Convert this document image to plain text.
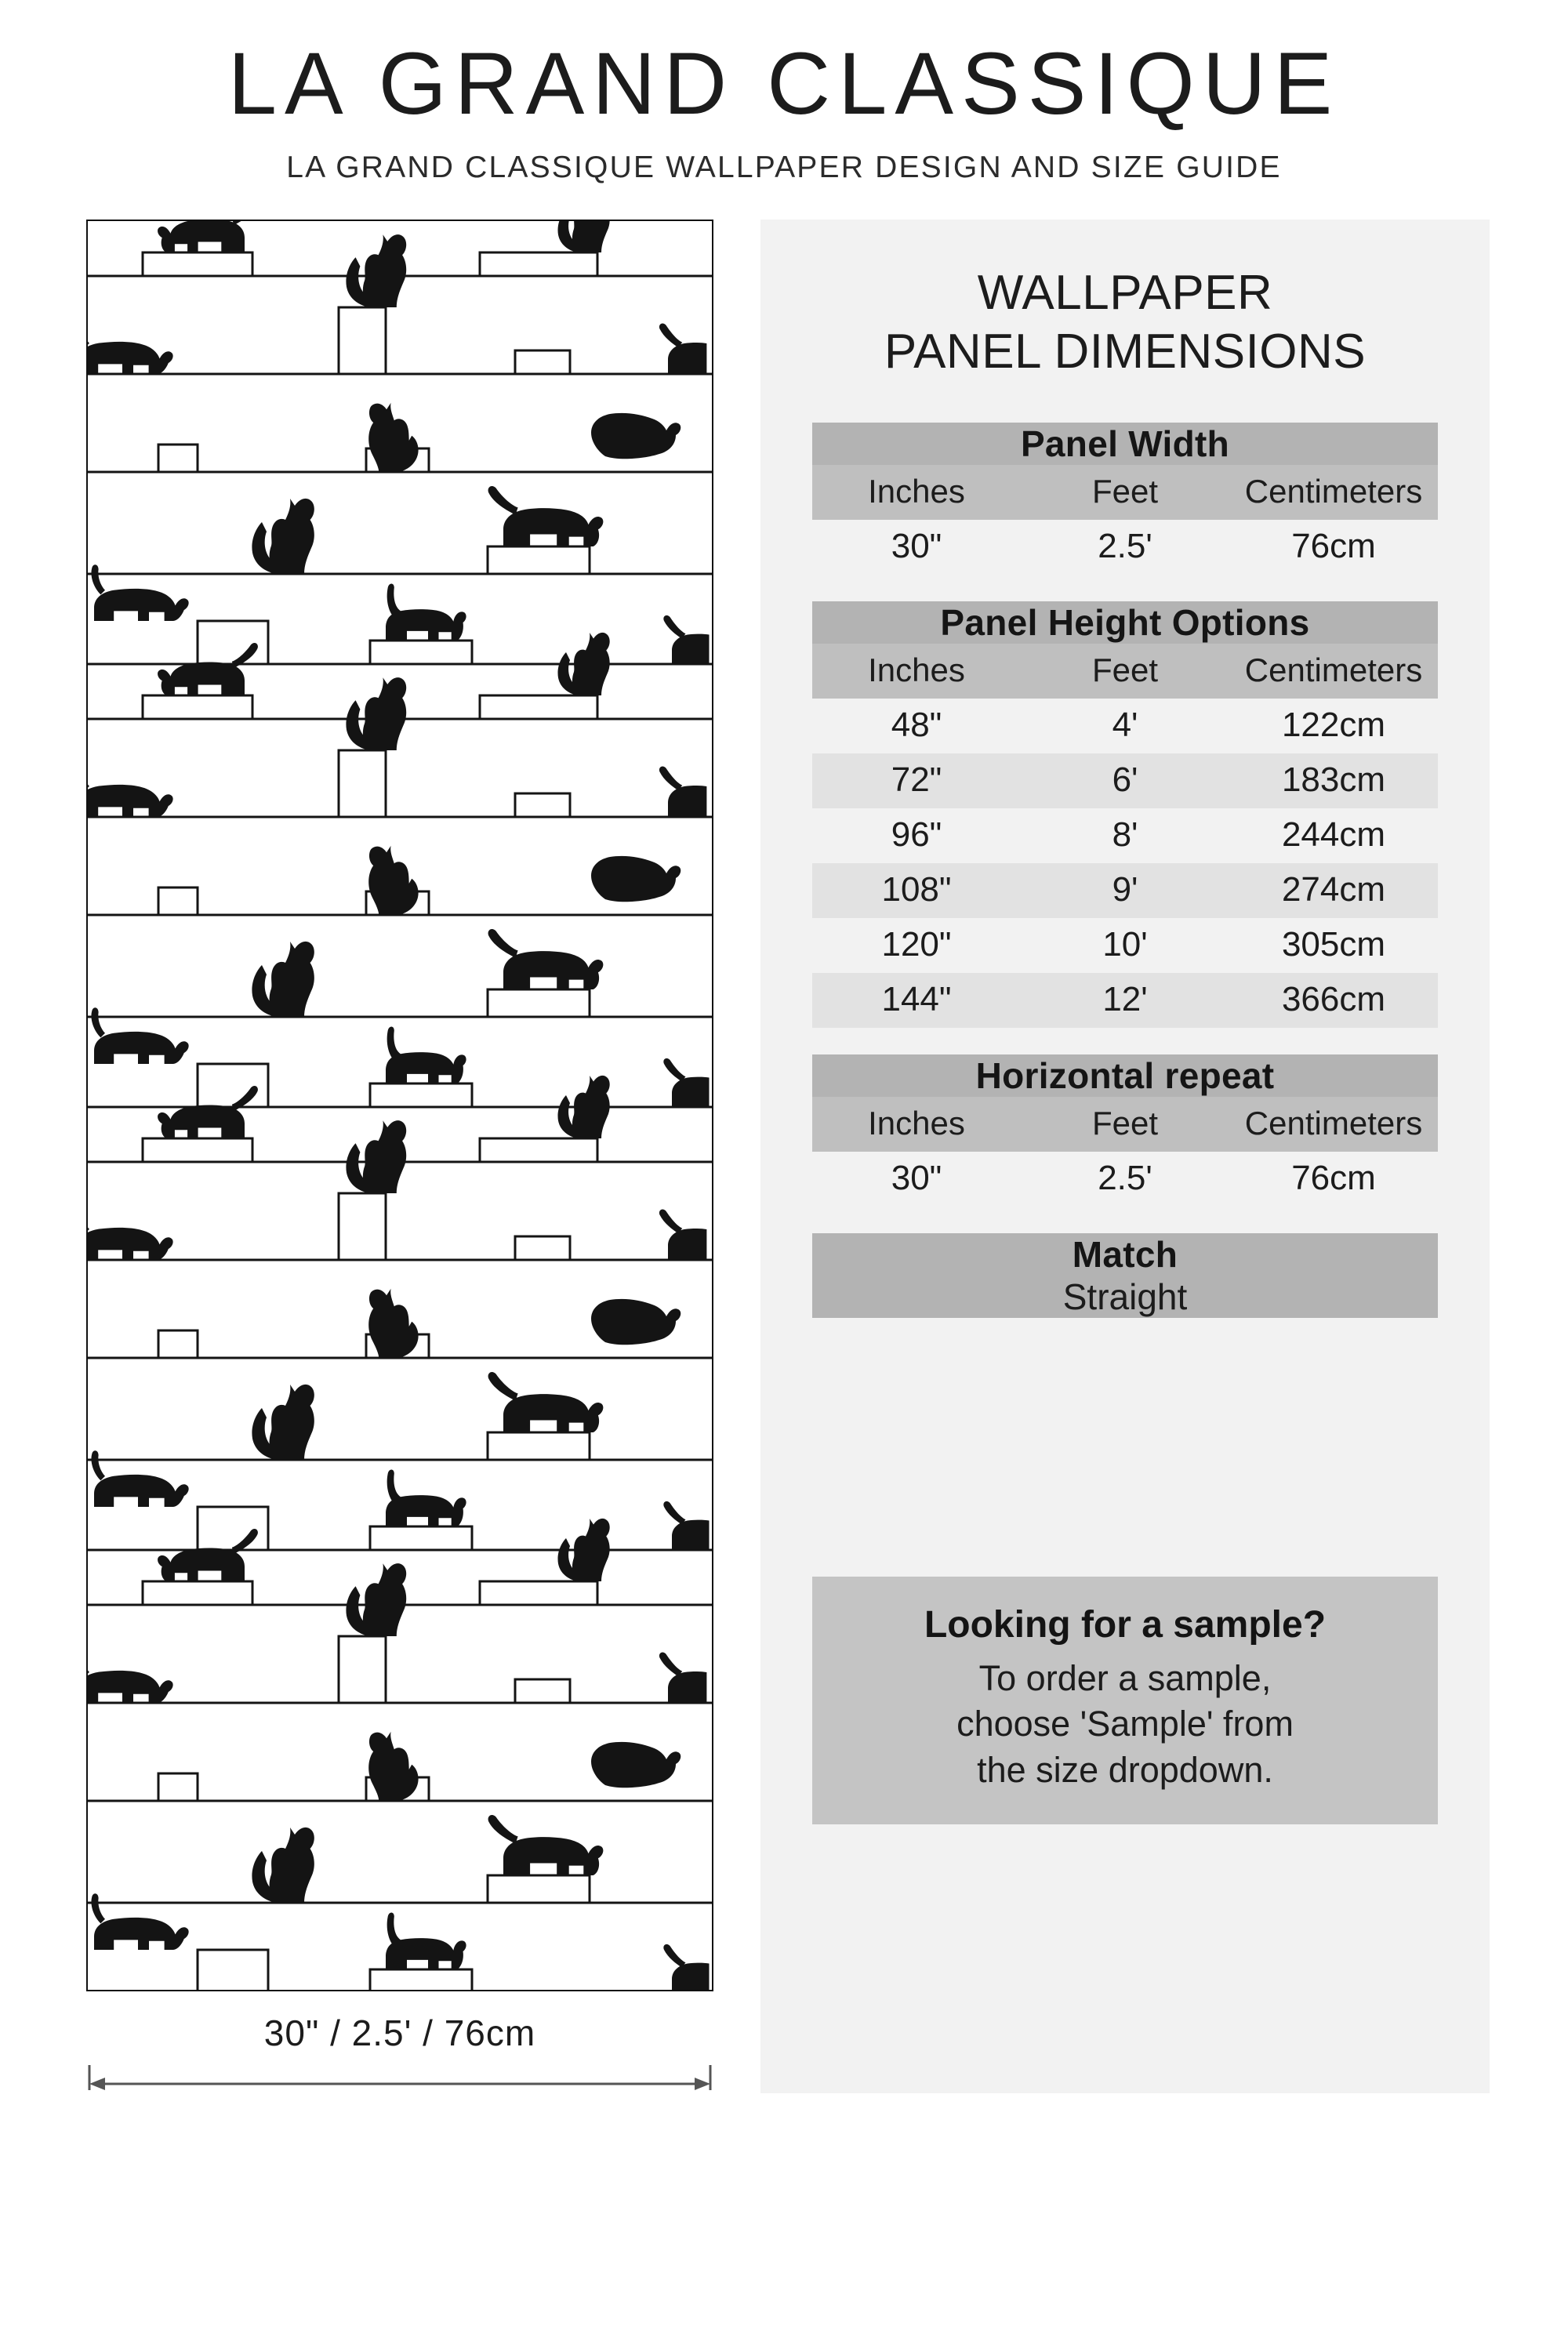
LA GRAND CLASSIQUE
LA GRAND CLASSIQUE WALLPAPER DESIGN AND SIZE GUIDE
30" / 2.5' / 76cm
WALLPAPER
PANEL DIMENSIONS
Panel Width		
Inches	Feet	Centimeters
30"	2.5'	76cm
Panel Height Options		
Inches	Feet	Centimeters
48"	4'	122cm
72"	6'	183cm
96"	8'	244cm
108"	9'	274cm
120"	10'	305cm
144"	12'	366cm
Horizontal repeat		
Inches	Feet	Centimeters
30"	2.5'	76cm
Match
Straight
Looking for a sample?
To order a sample,
choose 'Sample' from
the size dropdown.
